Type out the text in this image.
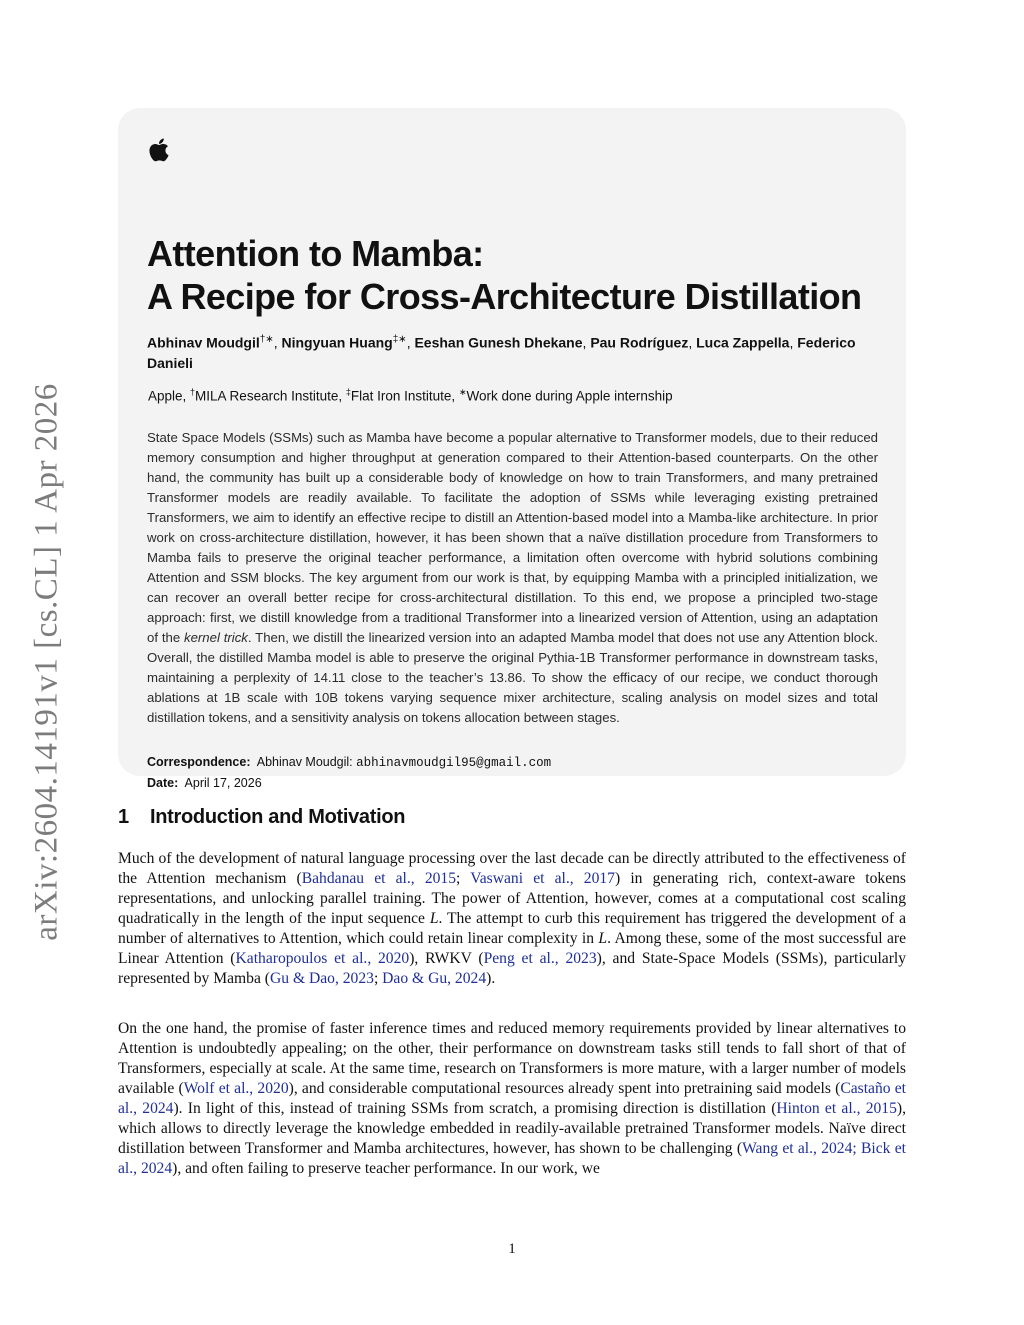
arXiv:2604.14191v1 [cs.CL] 1 Apr 2026
Attention to Mamba:
A Recipe for Cross-Architecture Distillation
Abhinav Moudgil†∗, Ningyuan Huang‡∗, Eeshan Gunesh Dhekane, Pau Rodríguez, Luca Zappella, Federico Danieli
Apple, †MILA Research Institute, ‡Flat Iron Institute, ∗Work done during Apple internship
State Space Models (SSMs) such as Mamba have become a popular alternative to Transformer models, due to their reduced memory consumption and higher throughput at generation compared to their Attention-based counterparts. On the other hand, the community has built up a considerable body of knowledge on how to train Transformers, and many pretrained Transformer models are readily available. To facilitate the adoption of SSMs while leveraging existing pretrained Transformers, we aim to identify an effective recipe to distill an Attention-based model into a Mamba-like architecture. In prior work on cross-architecture distillation, however, it has been shown that a naïve distillation procedure from Transformers to Mamba fails to preserve the original teacher performance, a limitation often overcome with hybrid solutions combining Attention and SSM blocks. The key argument from our work is that, by equipping Mamba with a principled initialization, we can recover an overall better recipe for cross-architectural distillation. To this end, we propose a principled two-stage approach: first, we distill knowledge from a traditional Transformer into a linearized version of Attention, using an adaptation of the kernel trick. Then, we distill the linearized version into an adapted Mamba model that does not use any Attention block. Overall, the distilled Mamba model is able to preserve the original Pythia-1B Transformer performance in downstream tasks, maintaining a perplexity of 14.11 close to the teacher’s 13.86. To show the efficacy of our recipe, we conduct thorough ablations at 1B scale with 10B tokens varying sequence mixer architecture, scaling analysis on model sizes and total distillation tokens, and a sensitivity analysis on tokens allocation between stages.
Correspondence: Abhinav Moudgil: abhinavmoudgil95@gmail.com
Date: April 17, 2026
1 Introduction and Motivation
Much of the development of natural language processing over the last decade can be directly attributed to the effectiveness of the Attention mechanism (Bahdanau et al., 2015; Vaswani et al., 2017) in generating rich, context-aware tokens representations, and unlocking parallel training. The power of Attention, however, comes at a computational cost scaling quadratically in the length of the input sequence L. The attempt to curb this requirement has triggered the development of a number of alternatives to Attention, which could retain linear complexity in L. Among these, some of the most successful are Linear Attention (Katharopoulos et al., 2020), RWKV (Peng et al., 2023), and State-Space Models (SSMs), particularly represented by Mamba (Gu & Dao, 2023; Dao & Gu, 2024).
On the one hand, the promise of faster inference times and reduced memory requirements provided by linear alternatives to Attention is undoubtedly appealing; on the other, their performance on downstream tasks still tends to fall short of that of Transformers, especially at scale. At the same time, research on Transformers is more mature, with a larger number of models available (Wolf et al., 2020), and considerable computational resources already spent into pretraining said models (Castaño et al., 2024). In light of this, instead of training SSMs from scratch, a promising direction is distillation (Hinton et al., 2015), which allows to directly leverage the knowledge embedded in readily-available pretrained Transformer models. Naïve direct distillation between Transformer and Mamba architectures, however, has shown to be challenging (Wang et al., 2024; Bick et al., 2024), and often failing to preserve teacher performance. In our work, we
1
